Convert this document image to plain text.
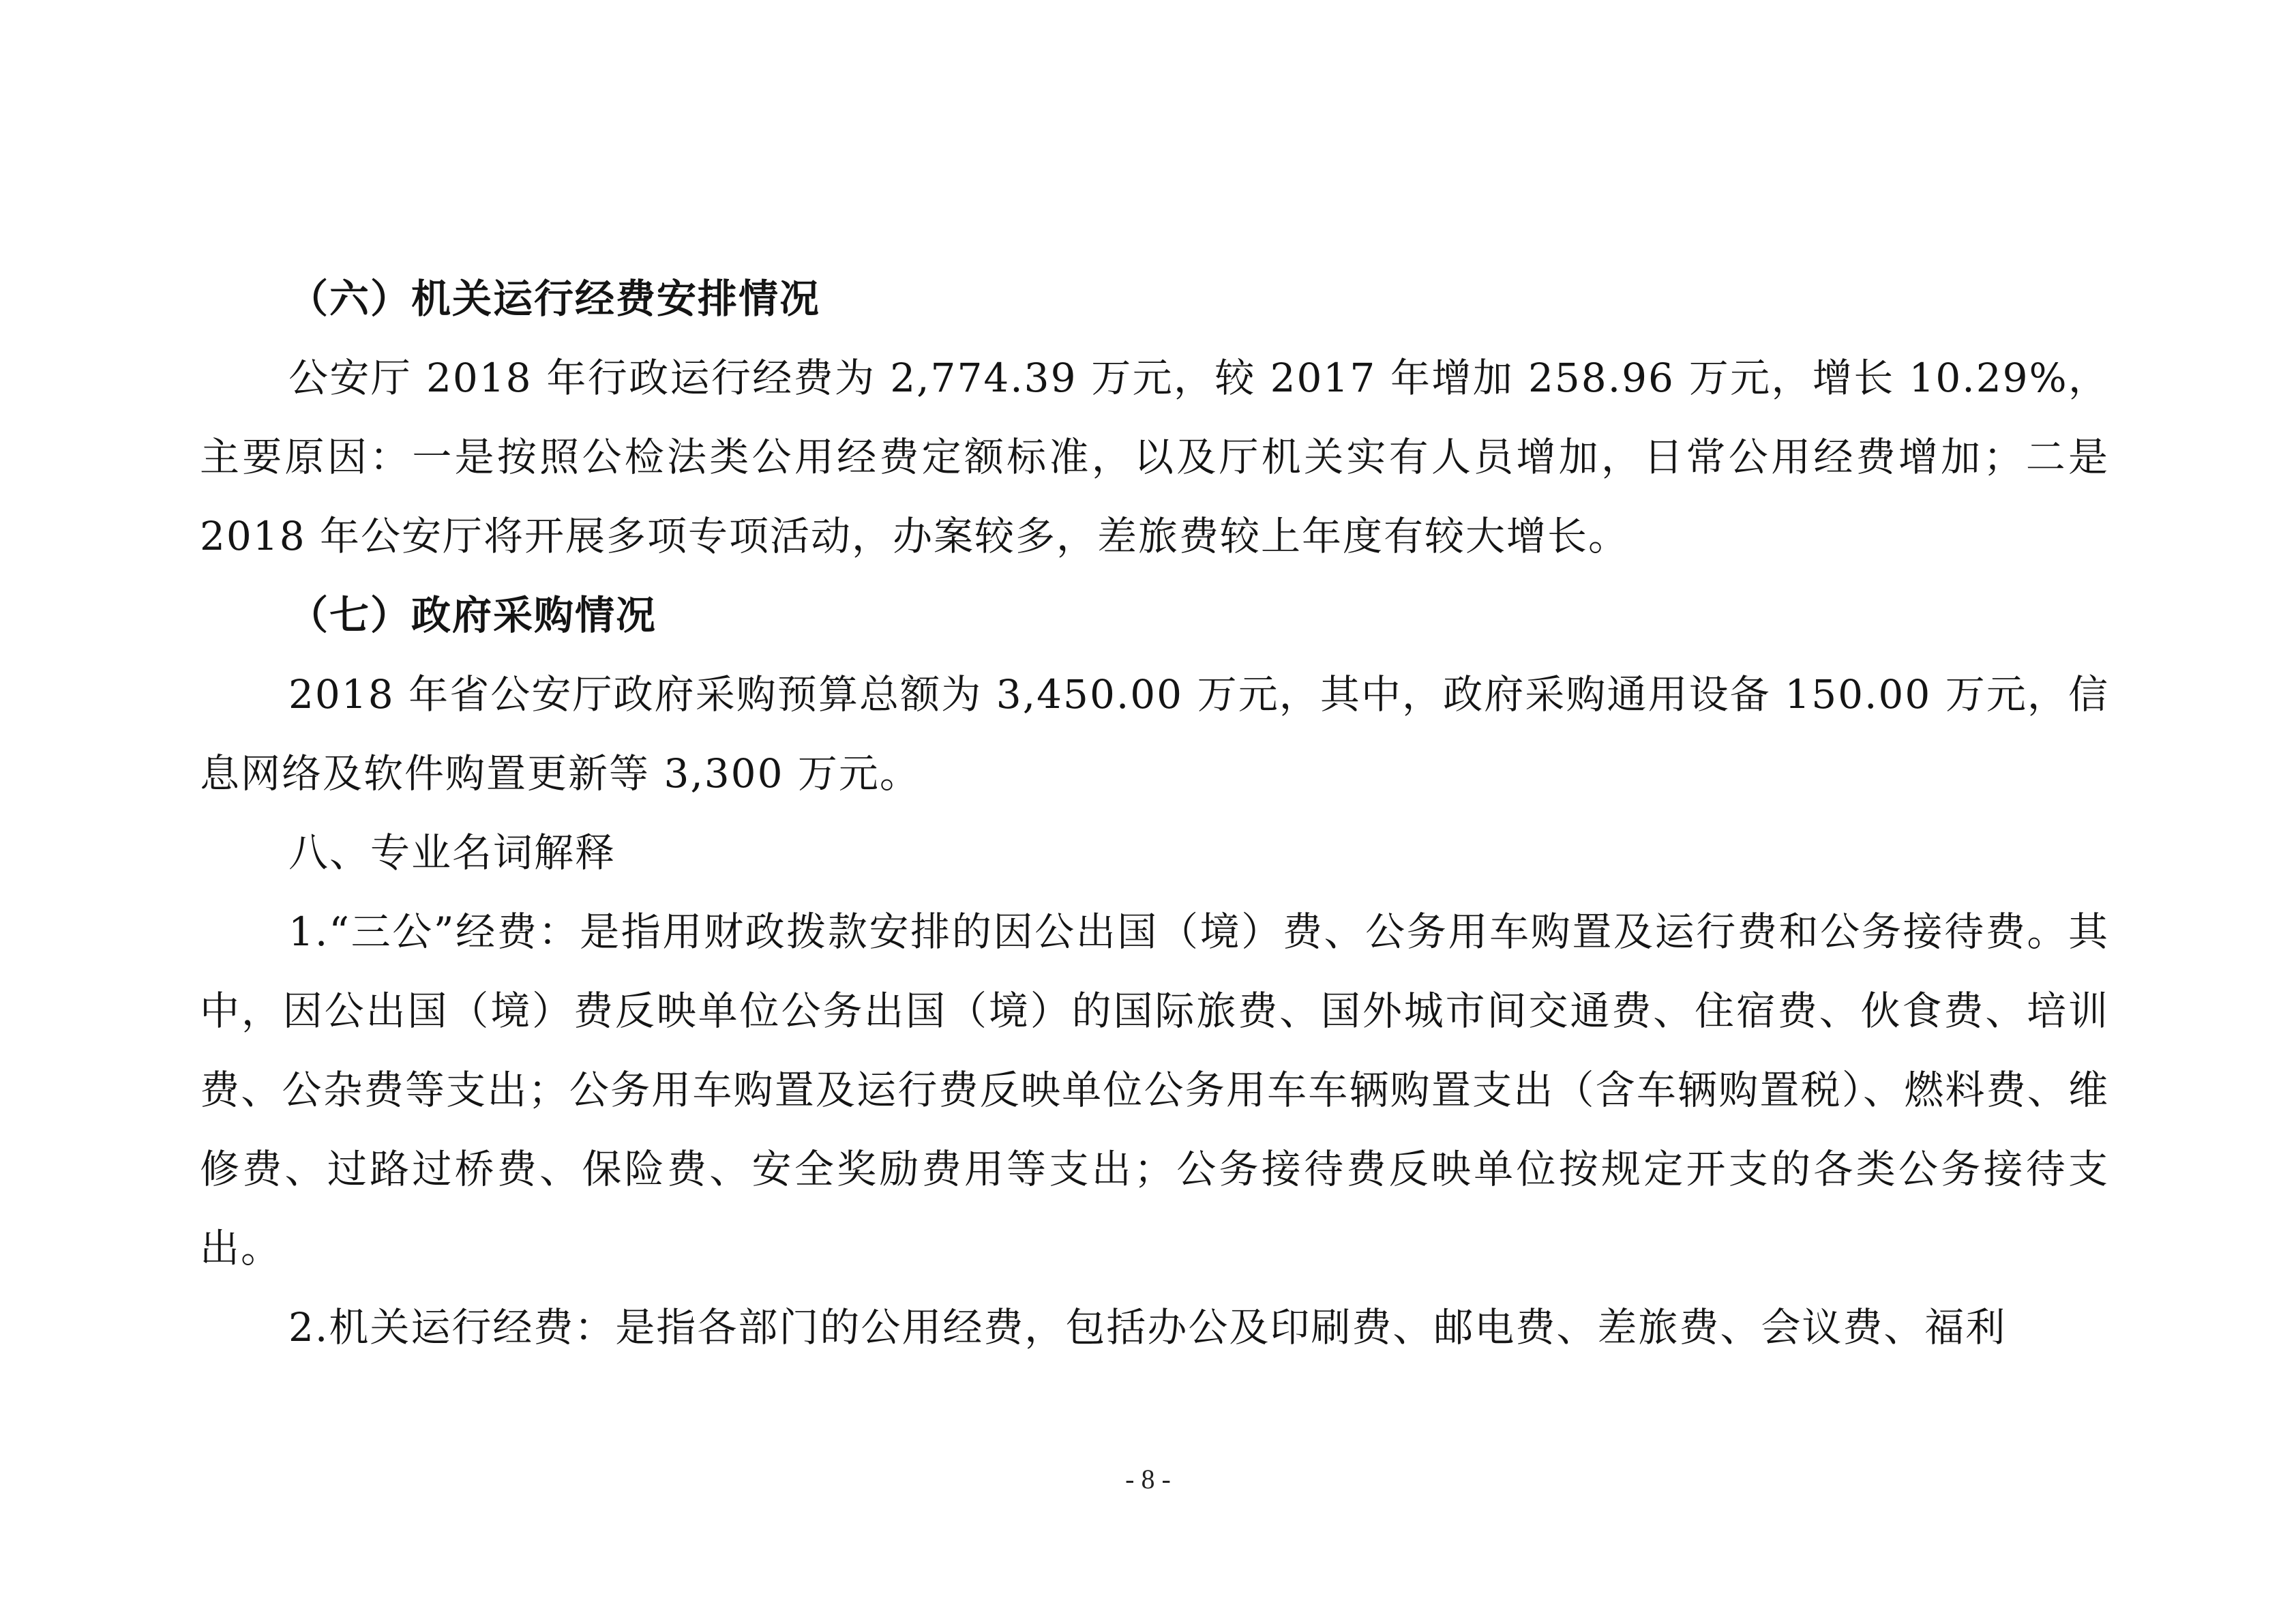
（六）机关运行经费安排情况

公安厅 2018 年行政运行经费为 2,774.39 万元，较 2017 年增加 258.96 万元，增长 10.29%，主要原因：一是按照公检法类公用经费定额标准，以及厅机关实有人员增加，日常公用经费增加；二是 2018 年公安厅将开展多项专项活动，办案较多，差旅费较上年度有较大增长。

（七）政府采购情况

2018 年省公安厅政府采购预算总额为 3,450.00 万元，其中，政府采购通用设备 150.00 万元，信息网络及软件购置更新等 3,300 万元。

八、专业名词解释

1.“三公”经费：是指用财政拨款安排的因公出国（境）费、公务用车购置及运行费和公务接待费。其中，因公出国（境）费反映单位公务出国（境）的国际旅费、国外城市间交通费、住宿费、伙食费、培训费、公杂费等支出；公务用车购置及运行费反映单位公务用车车辆购置支出（含车辆购置税）、燃料费、维修费、过路过桥费、保险费、安全奖励费用等支出；公务接待费反映单位按规定开支的各类公务接待支出。

2.机关运行经费：是指各部门的公用经费，包括办公及印刷费、邮电费、差旅费、会议费、福利

- 8 -
